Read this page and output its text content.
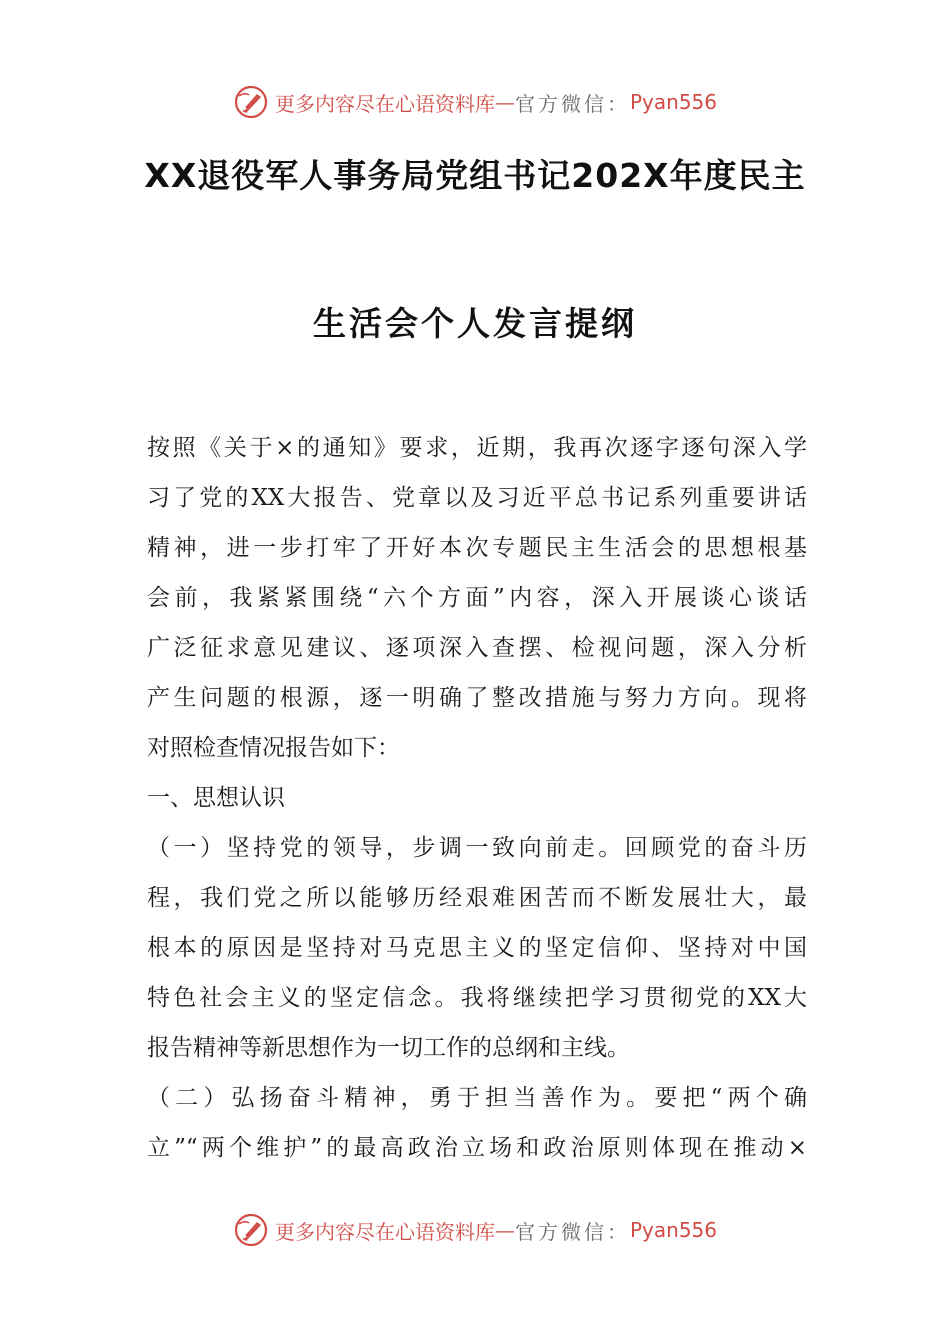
更多内容尽在心语资料库 — 官方微信： Pyan556
XX退役军人事务局党组书记202X年度民主
生活会个人发言提纲
按照《关于×的通知》要求，近期，我再次逐字逐句深入学
习了党的XX大报告、党章以及习近平总书记系列重要讲话
精神，进一步打牢了开好本次专题民主生活会的思想根基
会前，我紧紧围绕“六个方面”内容，深入开展谈心谈话
广泛征求意见建议、逐项深入查摆、检视问题，深入分析
产生问题的根源，逐一明确了整改措施与努力方向。现将
对照检查情况报告如下：
一、思想认识
（一）坚持党的领导，步调一致向前走。回顾党的奋斗历
程，我们党之所以能够历经艰难困苦而不断发展壮大，最
根本的原因是坚持对马克思主义的坚定信仰、坚持对中国
特色社会主义的坚定信念。我将继续把学习贯彻党的XX大
报告精神等新思想作为一切工作的总纲和主线。
（二）弘扬奋斗精神，勇于担当善作为。要把“两个确
立”“两个维护”的最高政治立场和政治原则体现在推动×
更多内容尽在心语资料库 — 官方微信： Pyan556
